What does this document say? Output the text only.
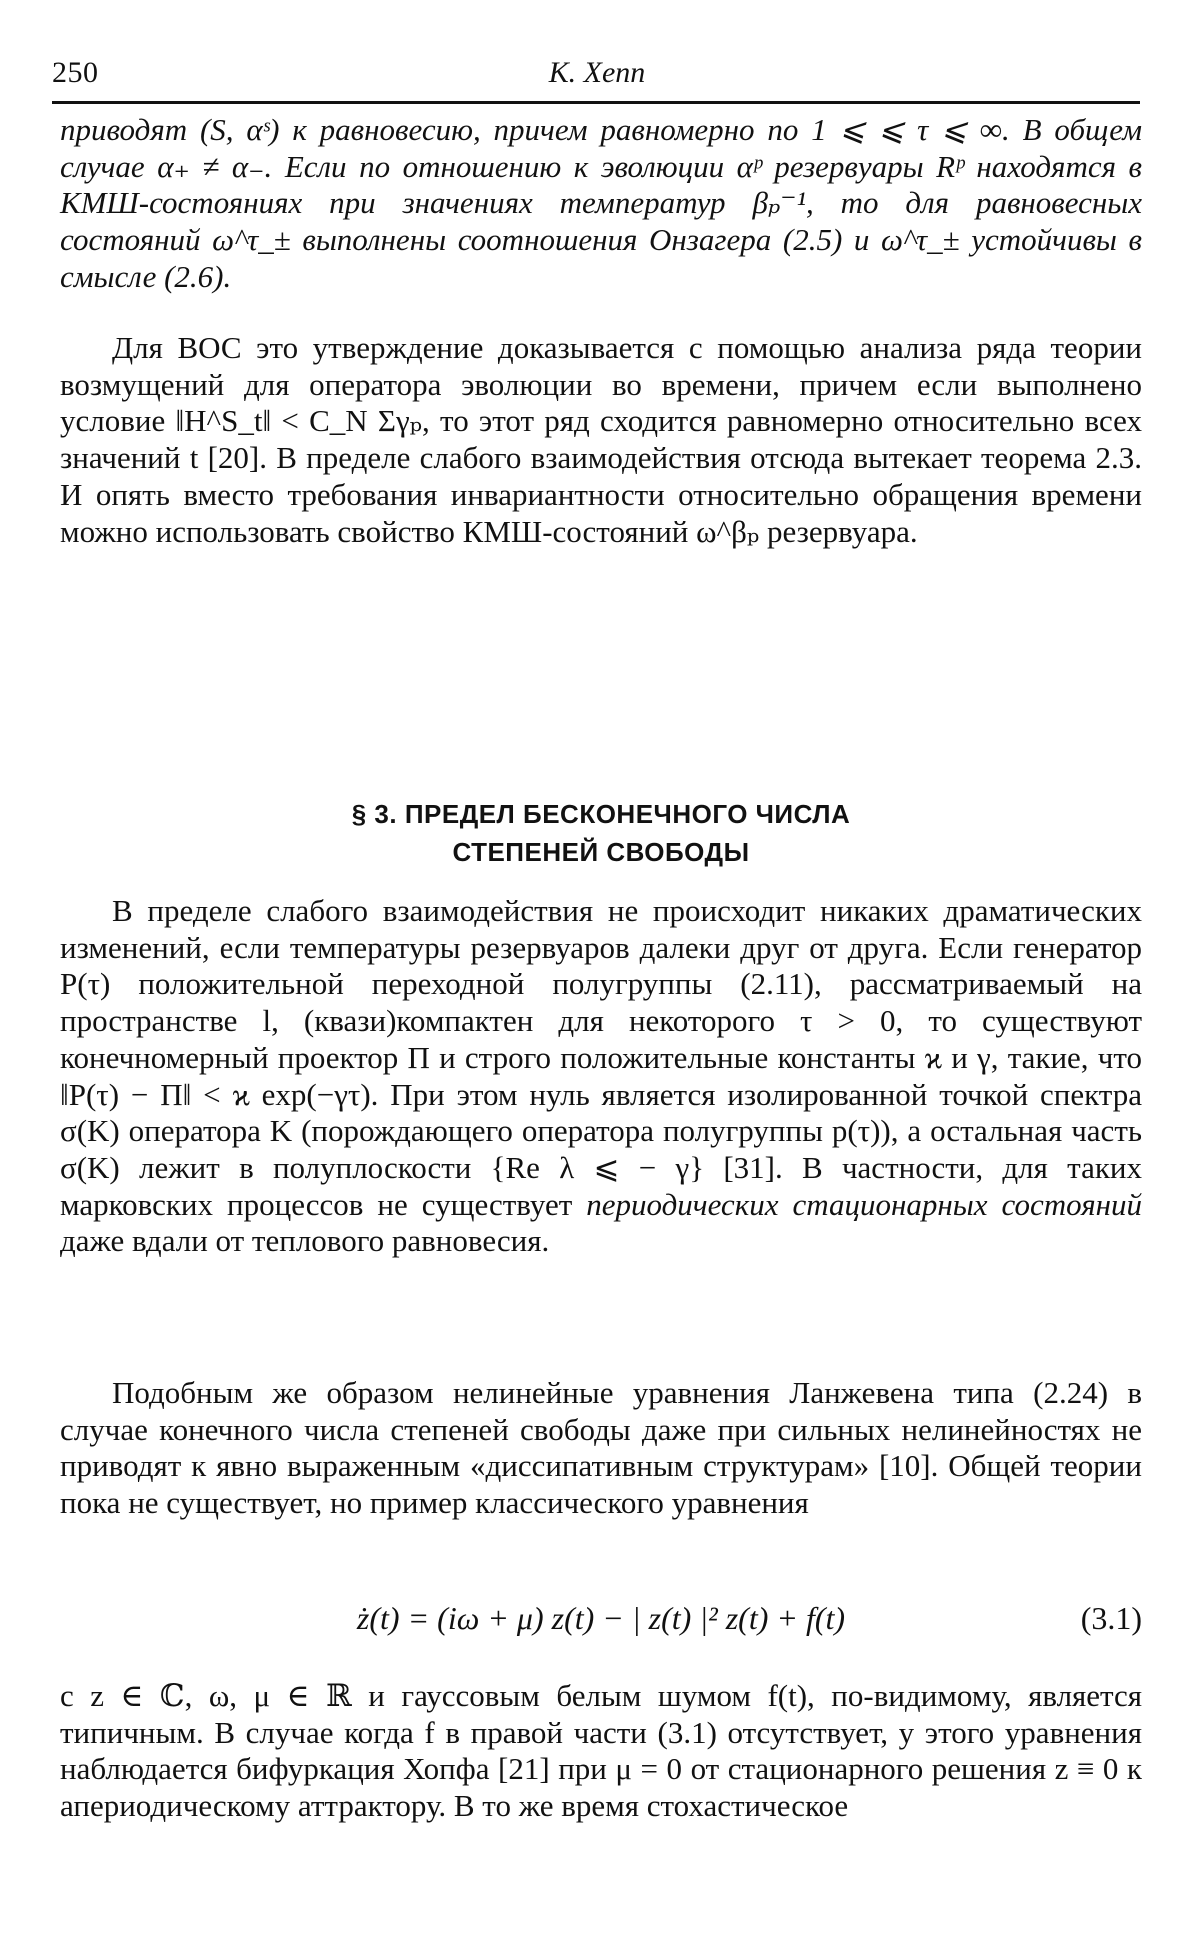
250	К. Хепп

приводят (S, αˢ) к равновесию, причем равномерно по 1 ⩽ ⩽ τ ⩽ ∞. В общем случае α₊ ≠ α₋. Если по отношению к эволюции αᵖ резервуары Rᵖ находятся в КМШ-состояниях при значениях температур βₚ⁻¹, то для равновесных состояний ω^τ_± выполнены соотношения Онзагера (2.5) и ω^τ_± устойчивы в смысле (2.6).

Для ВОС это утверждение доказывается с помощью анализа ряда теории возмущений для оператора эволюции во времени, причем если выполнено условие ‖H^S_t‖ < C_N Σγₚ, то этот ряд сходится равномерно относительно всех значений t [20]. В пределе слабого взаимодействия отсюда вытекает теорема 2.3. И опять вместо требования инвариантности относительно обращения времени можно использовать свойство КМШ-состояний ω^βₚ резервуара.

§ 3. ПРЕДЕЛ БЕСКОНЕЧНОГО ЧИСЛА
СТЕПЕНЕЙ СВОБОДЫ

В пределе слабого взаимодействия не происходит никаких драматических изменений, если температуры резервуаров далеки друг от друга. Если генератор P(τ) положительной переходной полугруппы (2.11), рассматриваемый на пространстве l, (квази)компактен для некоторого τ > 0, то существуют конечномерный проектор Π и строго положительные константы ϰ и γ, такие, что ‖P(τ) − Π‖ < ϰ exp(−γτ). При этом нуль является изолированной точкой спектра σ(K) оператора K (порождающего оператора полугруппы p(τ)), а остальная часть σ(K) лежит в полуплоскости {Re λ ⩽ − γ} [31]. В частности, для таких марковских процессов не существует периодических стационарных состояний даже вдали от теплового равновесия.

Подобным же образом нелинейные уравнения Ланжевена типа (2.24) в случае конечного числа степеней свободы даже при сильных нелинейностях не приводят к явно выраженным «диссипативным структурам» [10]. Общей теории пока не существует, но пример классического уравнения

ż(t) = (iω + μ) z(t) − | z(t) |² z(t) + f(t)	(3.1)

с z ∈ ℂ, ω, μ ∈ ℝ и гауссовым белым шумом f(t), по-видимому, является типичным. В случае когда f в правой части (3.1) отсутствует, у этого уравнения наблюдается бифуркация Хопфа [21] при μ = 0 от стационарного решения z ≡ 0 к апериодическому аттрактору. В то же время стохастическое
